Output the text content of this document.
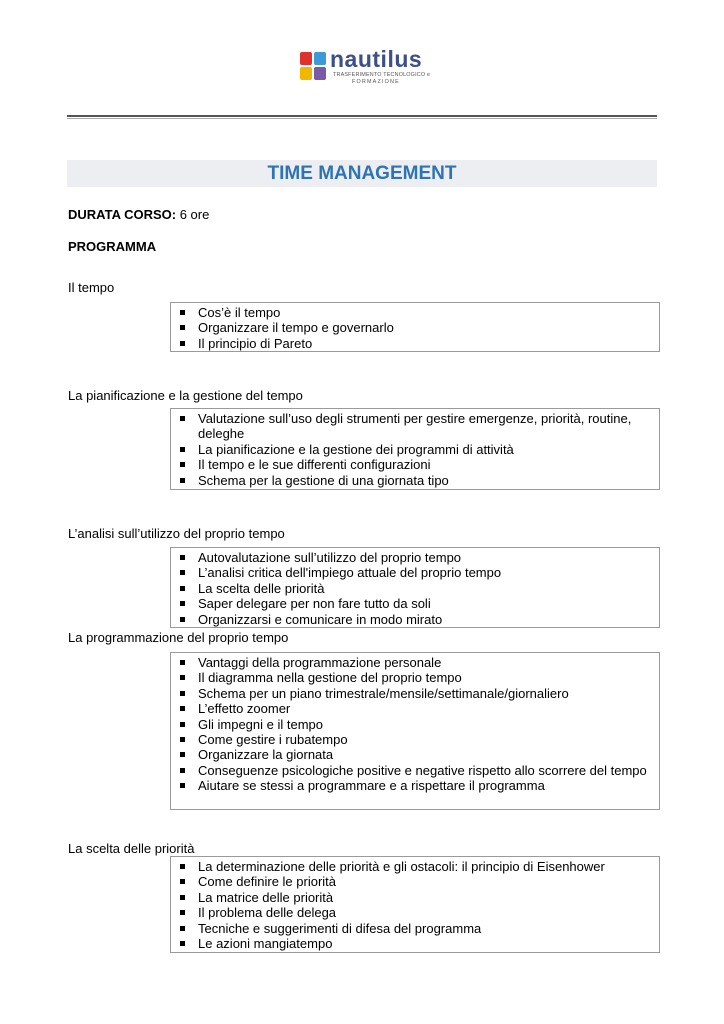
nautilus
TRASFERIMENTO TECNOLOGICO e
FORMAZIONE
TIME MANAGEMENT
DURATA CORSO: 6 ore
PROGRAMMA
Il tempo
Cos’è il tempo
Organizzare il tempo e governarlo
Il principio di Pareto
La pianificazione e la gestione del tempo
Valutazione sull’uso degli strumenti per gestire emergenze, priorità, routine, deleghe
La pianificazione e la gestione dei programmi di attività
Il tempo e le sue differenti configurazioni
Schema per la gestione di una giornata tipo
L’analisi sull’utilizzo del proprio tempo
Autovalutazione sull’utilizzo del proprio tempo
L’analisi critica dell'impiego attuale del proprio tempo
La scelta delle priorità
Saper delegare per non fare tutto da soli
Organizzarsi e comunicare in modo mirato
La programmazione del proprio tempo
Vantaggi della programmazione personale
Il diagramma nella gestione del proprio tempo
Schema per un piano trimestrale/mensile/settimanale/giornaliero
L’effetto zoomer
Gli impegni e il tempo
Come gestire i rubatempo
Organizzare la giornata
Conseguenze psicologiche positive e negative rispetto allo scorrere del tempo
Aiutare se stessi a programmare e a rispettare il programma
La scelta delle priorità
La determinazione delle priorità e gli ostacoli: il principio di Eisenhower
Come definire le priorità
La matrice delle priorità
Il problema delle delega
Tecniche e suggerimenti di difesa del programma
Le azioni mangiatempo
